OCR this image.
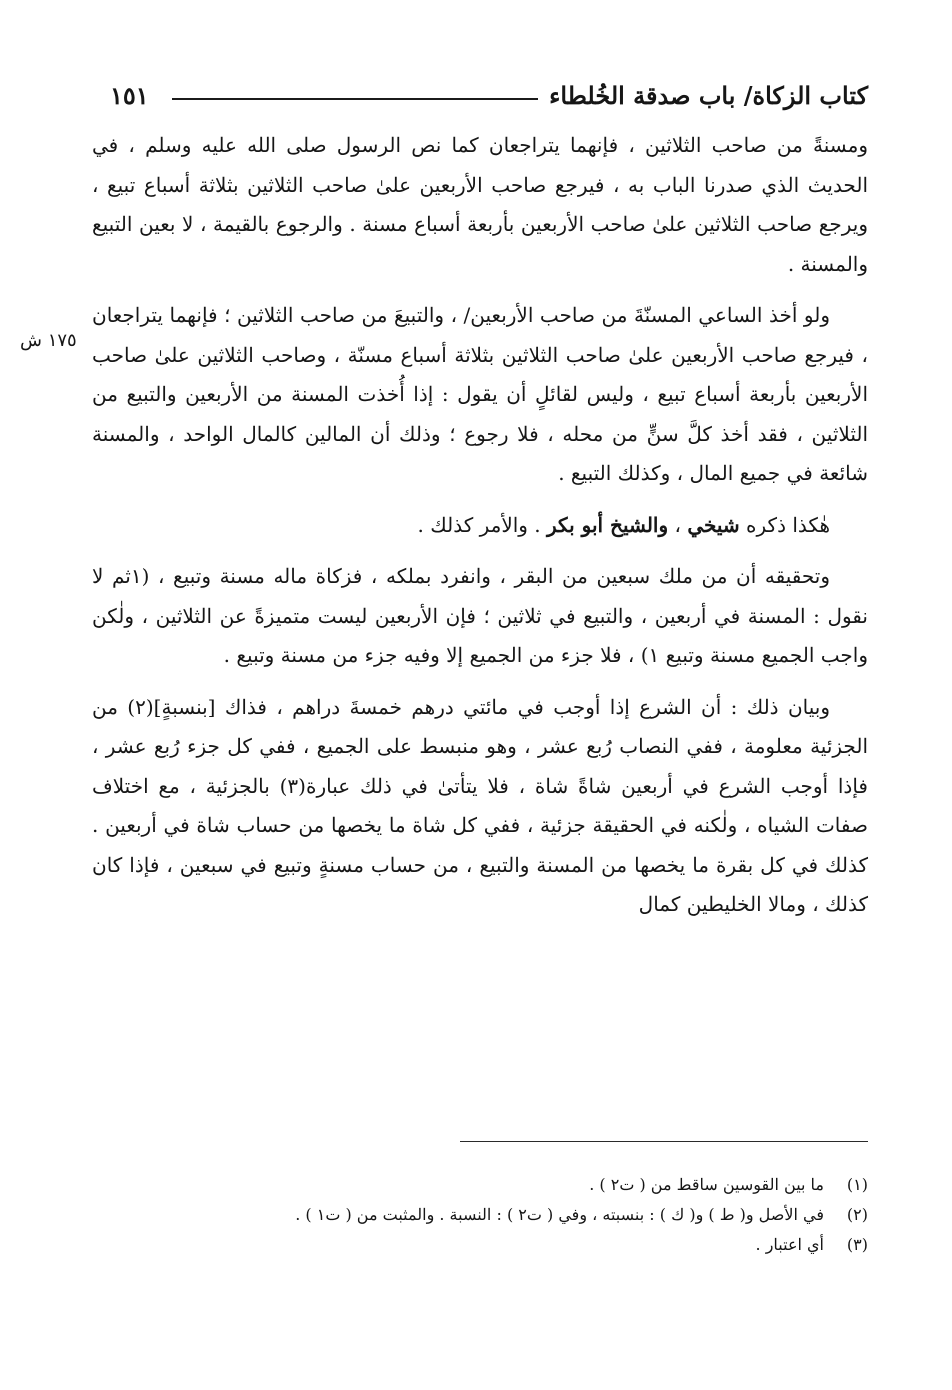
كتاب الزكاة/ باب صدقة الخُلطاء
١٥١
١٧٥ ش

ومسنةً من صاحب الثلاثين ، فإنهما يتراجعان كما نص الرسول صلى الله عليه وسلم ، في الحديث الذي صدرنا الباب به ، فيرجع صاحب الأربعين علىٰ صاحب الثلاثين بثلاثة أسباع تبيع ، ويرجع صاحب الثلاثين علىٰ صاحب الأربعين بأربعة أسباع مسنة . والرجوع بالقيمة ، لا بعين التبيع والمسنة .

ولو أخذ الساعي المسنّةَ من صاحب الأربعين/ ، والتبيعَ من صاحب الثلاثين ؛ فإنهما يتراجعان ، فيرجع صاحب الأربعين علىٰ صاحب الثلاثين بثلاثة أسباع مسنّة ، وصاحب الثلاثين علىٰ صاحب الأربعين بأربعة أسباع تبيع ، وليس لقائلٍ أن يقول : إذا أُخذت المسنة من الأربعين والتبيع من الثلاثين ، فقد أخذ كلَّ سنٍّ من محله ، فلا رجوع ؛ وذلك أن المالين كالمال الواحد ، والمسنة شائعة في جميع المال ، وكذلك التبيع .

هٰكذا ذكره شيخي ، والشيخ أبو بكر . والأمر كذلك .

وتحقيقه أن من ملك سبعين من البقر ، وانفرد بملكه ، فزكاة ماله مسنة وتبيع ، (١ثم لا نقول : المسنة في أربعين ، والتبيع في ثلاثين ؛ فإن الأربعين ليست متميزةً عن الثلاثين ، ولٰكن واجب الجميع مسنة وتبيع ١) ، فلا جزء من الجميع إلا وفيه جزء من مسنة وتبيع .

وبيان ذلك : أن الشرع إذا أوجب في مائتي درهم خمسةَ دراهم ، فذاك [بنسبةٍ](٢) من الجزئية معلومة ، ففي النصاب رُبع عشر ، وهو منبسط على الجميع ، ففي كل جزء رُبع عشر ، فإذا أوجب الشرع في أربعين شاةً شاة ، فلا يتأتىٰ في ذلك عبارة(٣) بالجزئية ، مع اختلاف صفات الشياه ، ولٰكنه في الحقيقة جزئية ، ففي كل شاة ما يخصها من حساب شاة في أربعين . كذلك في كل بقرة ما يخصها من المسنة والتبيع ، من حساب مسنةٍ وتبيع في سبعين ، فإذا كان كذلك ، ومالا الخليطين كمال

(١)
ما بين القوسين ساقط من ( ت٢ ) .
(٢)
في الأصل و( ط ) و( ك ) : بنسبته ، وفي ( ت٢ ) : النسبة . والمثبت من ( ت١ ) .
(٣)
أي اعتبار .
